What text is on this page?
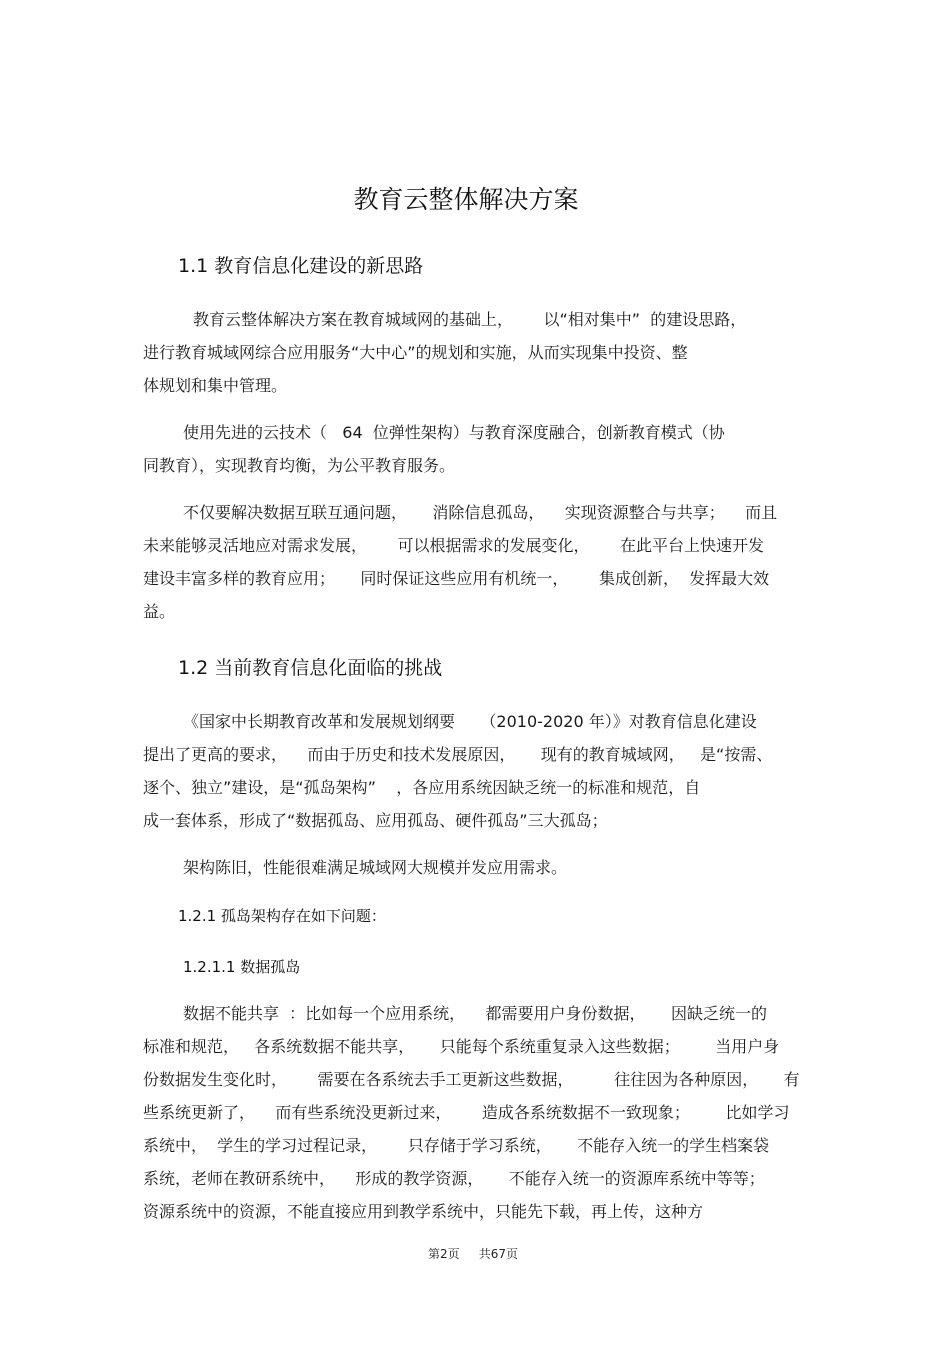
教育云整体解决方案
1.1 教育信息化建设的新思路
教育云整体解决方案在教育城域网的基础上，      以“相对集中”  的建设思路，
进行教育城域网综合应用服务“大中心”的规划和实施，从而实现集中投资、整
体规划和集中管理。
使用先进的云技术（   64  位弹性架构）与教育深度融合，创新教育模式（协
同教育），实现教育均衡，为公平教育服务。
不仅要解决数据互联互通问题，     消除信息孤岛，    实现资源整合与共享；    而且
未来能够灵活地应对需求发展，      可以根据需求的发展变化，      在此平台上快速开发
建设丰富多样的教育应用；     同时保证这些应用有机统一，      集成创新，  发挥最大效
益。
1.2 当前教育信息化面临的挑战
《国家中长期教育改革和发展规划纲要     （2010-2020 年）》对教育信息化建设
提出了更高的要求，    而由于历史和技术发展原因，     现有的教育城域网，   是“按需、
逐个、独立”建设，是“孤岛架构”    ，各应用系统因缺乏统一的标准和规范，自
成一套体系，形成了“数据孤岛、应用孤岛、硬件孤岛”三大孤岛；
架构陈旧，性能很难满足城域网大规模并发应用需求。
1.2.1 孤岛架构存在如下问题：
1.2.1.1 数据孤岛
数据不能共享  ：比如每一个应用系统，    都需要用户身份数据，     因缺乏统一的
标准和规范，   各系统数据不能共享，     只能每个系统重复录入这些数据；       当用户身
份数据发生变化时，      需要在各系统去手工更新这些数据，        往往因为各种原因，     有
些系统更新了，    而有些系统没更新过来，      造成各系统数据不一致现象；       比如学习
系统中，  学生的学习过程记录，      只存储于学习系统，     不能存入统一的学生档案袋
系统，老师在教研系统中，    形成的教学资源，     不能存入统一的资源库系统中等等；
资源系统中的资源，不能直接应用到教学系统中，只能先下载，再上传，这种方
第2页     共67页
